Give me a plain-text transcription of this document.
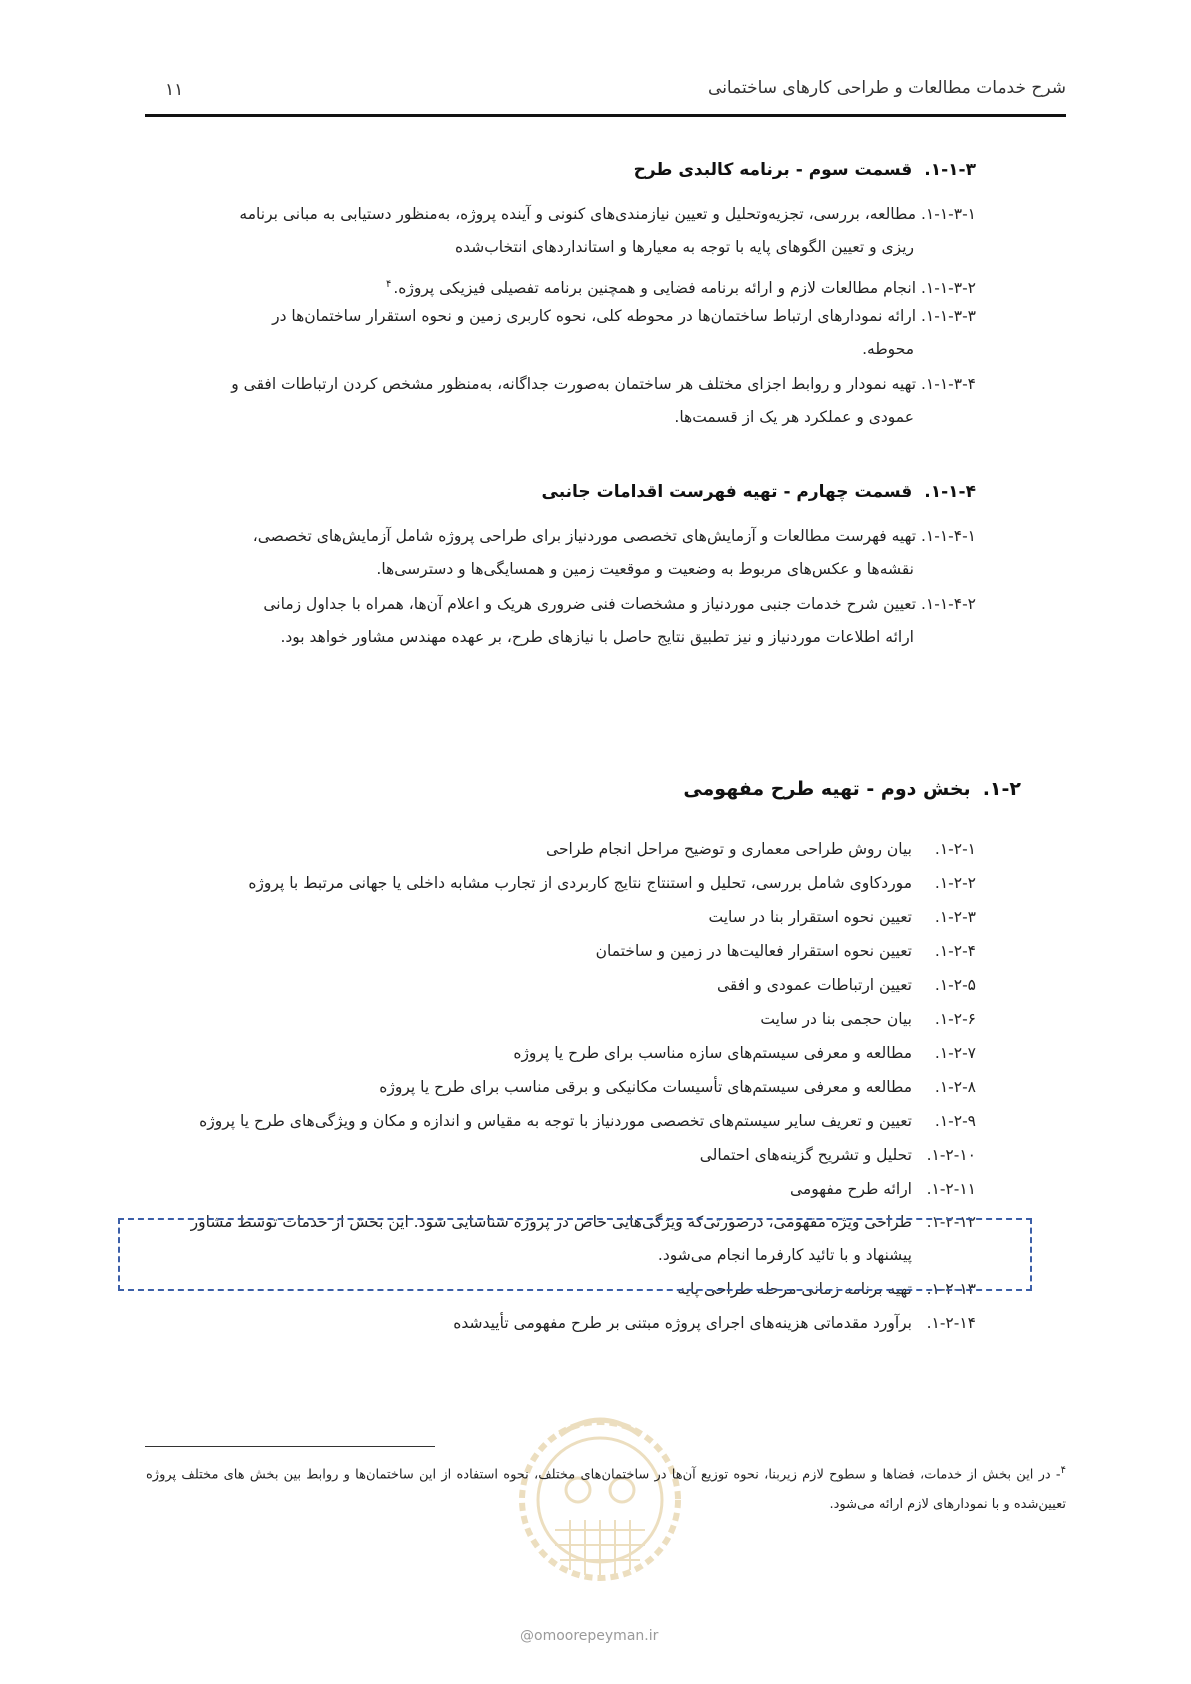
شرح خدمات مطالعات و طراحی کارهای ساختمانی
۱۱
۱-۱-۳.قسمت سوم - برنامه کالبدی طرح
۱-۱-۳-۱. مطالعه، بررسی، تجزیه‌وتحلیل و تعیین نیازمندی‌های کنونی و آینده پروژه، به‌منظور دستیابی به مبانی برنامه
ریزی و تعیین الگوهای پایه با توجه به معیارها و استانداردهای انتخاب‌شده
۱-۱-۳-۲. انجام مطالعات لازم و ارائه برنامه فضایی و همچنین برنامه تفصیلی فیزیکی پروژه.$^۴$
۱-۱-۳-۳. ارائه نمودارهای ارتباط ساختمان‌ها در محوطه کلی، نحوه کاربری زمین و نحوه استقرار ساختمان‌ها در
محوطه.
۱-۱-۳-۴. تهیه نمودار و روابط اجزای مختلف هر ساختمان به‌صورت جداگانه، به‌منظور مشخص کردن ارتباطات افقی و
عمودی و عملکرد هر یک از قسمت‌ها.
۱-۱-۴.قسمت چهارم - تهیه فهرست اقدامات جانبی
۱-۱-۴-۱. تهیه فهرست مطالعات و آزمایش‌های تخصصی موردنیاز برای طراحی پروژه شامل آزمایش‌های تخصصی،
نقشه‌ها و عکس‌های مربوط به وضعیت و موقعیت زمین و همسایگی‌ها و دسترسی‌ها.
۱-۱-۴-۲. تعیین شرح خدمات جنبی موردنیاز و مشخصات فنی ضروری هریک و اعلام آن‌ها، همراه با جداول زمانی
ارائه اطلاعات موردنیاز و نیز تطبیق نتایج حاصل با نیازهای طرح، بر عهده مهندس مشاور خواهد بود.
۱-۲.بخش دوم - تهیه طرح مفهومی
۱-۲-۱.بیان روش طراحی معماری و توضیح مراحل انجام طراحی
۱-۲-۲.موردکاوی شامل بررسی، تحلیل و استنتاج نتایج کاربردی از تجارب مشابه داخلی یا جهانی مرتبط با پروژه
۱-۲-۳.تعیین نحوه استقرار بنا در سایت
۱-۲-۴.تعیین نحوه استقرار فعالیت‌ها در زمین و ساختمان
۱-۲-۵.تعیین ارتباطات عمودی و افقی
۱-۲-۶.بیان حجمی بنا در سایت
۱-۲-۷.مطالعه و معرفی سیستم‌های سازه مناسب برای طرح یا پروژه
۱-۲-۸.مطالعه و معرفی سیستم‌های تأسیسات مکانیکی و برقی مناسب برای طرح یا پروژه
۱-۲-۹.تعیین و تعریف سایر سیستم‌های تخصصی موردنیاز با توجه به مقیاس و اندازه و مکان و ویژگی‌های طرح یا پروژه
۱-۲-۱۰.تحلیل و تشریح گزینه‌های احتمالی
۱-۲-۱۱.ارائه طرح مفهومی
۱-۲-۱۲.طراحی ویژه مفهومی، درصورتی‌که ویژگی‌هایی خاص در پروژه شناسایی شود. این بخش از خدمات توسط مشاور
پیشنهاد و با تائید کارفرما انجام می‌شود.
۱-۲-۱۳.تهیه برنامه زمانی مرحله طراحی پایه
۱-۲-۱۴.برآورد مقدماتی هزینه‌های اجرای پروژه مبتنی بر طرح مفهومی تأییدشده
@omoorepeyman.ir
$^۴$- در این بخش از خدمات، فضاها و سطوح لازم زیربنا، نحوه توزیع آن‌ها در ساختمان‌های مختلف، نحوه استفاده از این ساختمان‌ها و روابط بین بخش های مختلف پروژه تعیین‌شده و با نمودارهای لازم ارائه می‌شود.
